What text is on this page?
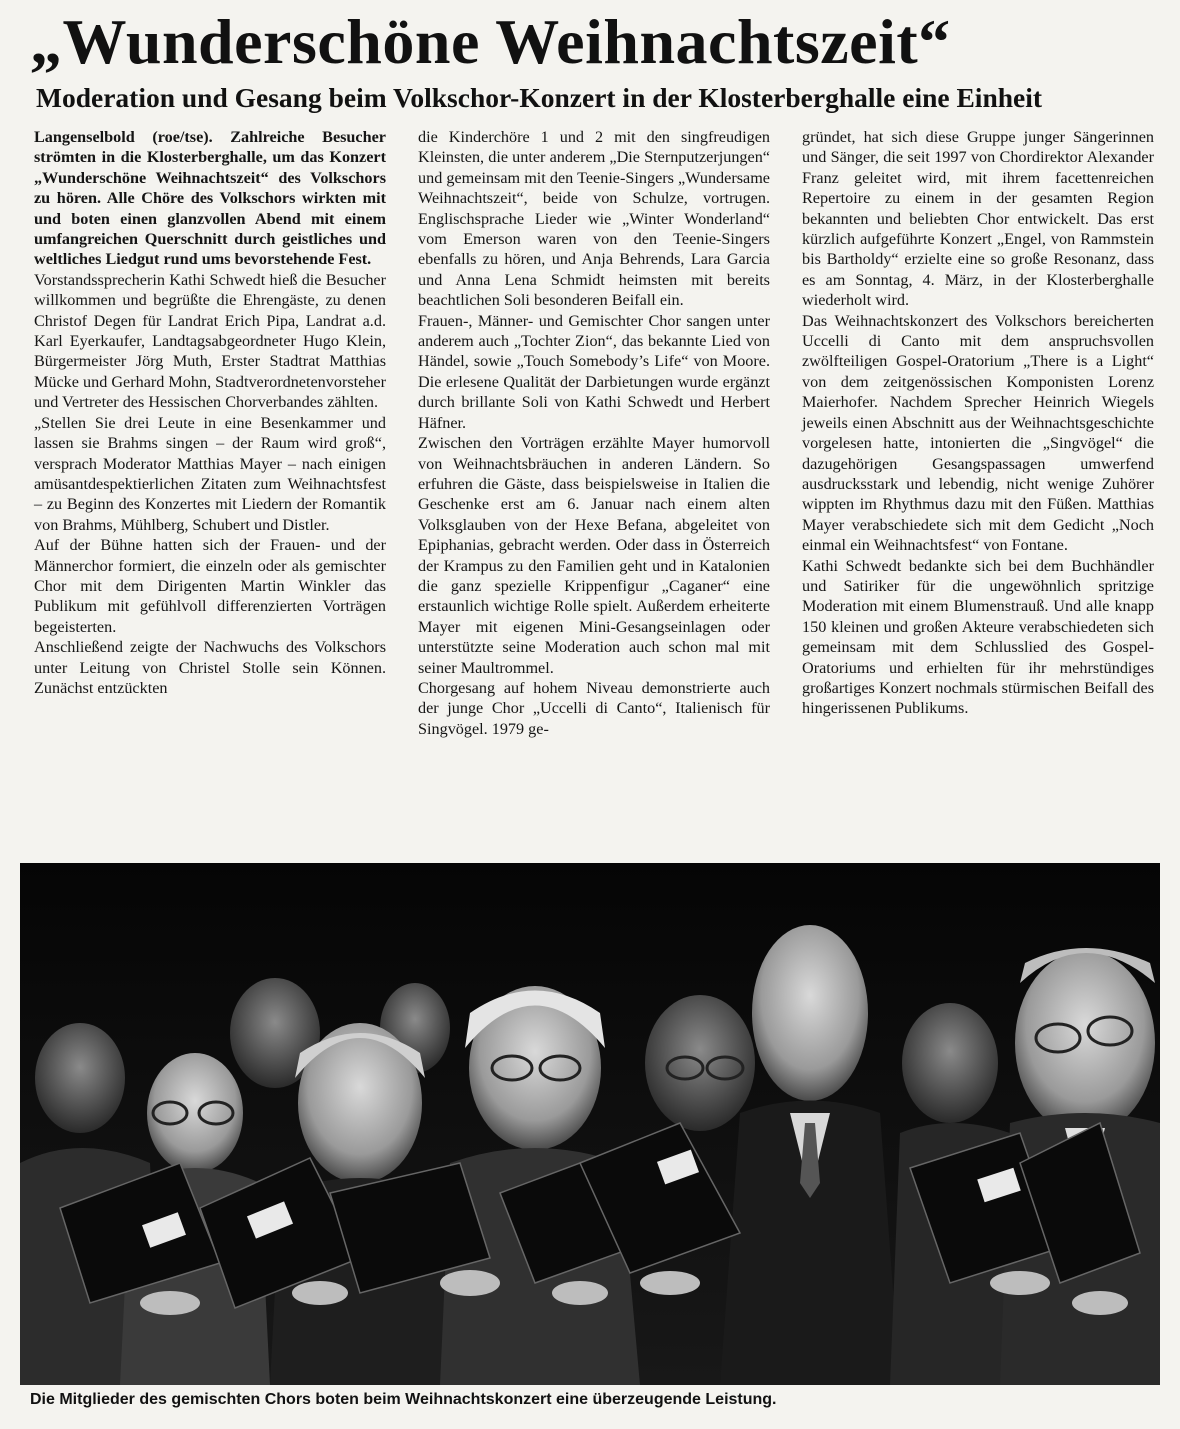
„Wunderschöne Weihnachtszeit“
Moderation und Gesang beim Volkschor-Konzert in der Klosterberghalle eine Einheit

Langenselbold (roe/tse). Zahlreiche Besucher strömten in die Klosterberghalle, um das Konzert „Wunderschöne Weihnachtszeit“ des Volkschors zu hören. Alle Chöre des Volkschors wirkten mit und boten einen glanzvollen Abend mit einem umfangreichen Querschnitt durch geistliches und weltliches Liedgut rund ums bevorstehende Fest.

Vorstandssprecherin Kathi Schwedt hieß die Besucher willkommen und begrüßte die Ehrengäste, zu denen Christof Degen für Landrat Erich Pipa, Landrat a.d. Karl Eyerkaufer, Landtagsabgeordneter Hugo Klein, Bürgermeister Jörg Muth, Erster Stadtrat Matthias Mücke und Gerhard Mohn, Stadtverordnetenvorsteher und Vertreter des Hessischen Chorverbandes zählten.

„Stellen Sie drei Leute in eine Besenkammer und lassen sie Brahms singen – der Raum wird groß“, versprach Moderator Matthias Mayer – nach einigen amüsantdespektierlichen Zitaten zum Weihnachtsfest – zu Beginn des Konzertes mit Liedern der Romantik von Brahms, Mühlberg, Schubert und Distler.

Auf der Bühne hatten sich der Frauen- und der Männerchor formiert, die einzeln oder als gemischter Chor mit dem Dirigenten Martin Winkler das Publikum mit gefühlvoll differenzierten Vorträgen begeisterten.

Anschließend zeigte der Nachwuchs des Volkschors unter Leitung von Christel Stolle sein Können. Zunächst entzückten

die Kinderchöre 1 und 2 mit den singfreudigen Kleinsten, die unter anderem „Die Sternputzerjungen“ und gemeinsam mit den Teenie-Singers „Wundersame Weihnachtszeit“, beide von Schulze, vortrugen. Englischsprache Lieder wie „Winter Wonderland“ vom Emerson waren von den Teenie-Singers ebenfalls zu hören, und Anja Behrends, Lara Garcia und Anna Lena Schmidt heimsten mit bereits beachtlichen Soli besonderen Beifall ein.

Frauen-, Männer- und Gemischter Chor sangen unter anderem auch „Tochter Zion“, das bekannte Lied von Händel, sowie „Touch Somebody’s Life“ von Moore. Die erlesene Qualität der Darbietungen wurde ergänzt durch brillante Soli von Kathi Schwedt und Herbert Häfner.

Zwischen den Vorträgen erzählte Mayer humorvoll von Weihnachtsbräuchen in anderen Ländern. So erfuhren die Gäste, dass beispielsweise in Italien die Geschenke erst am 6. Januar nach einem alten Volksglauben von der Hexe Befana, abgeleitet von Epiphanias, gebracht werden. Oder dass in Österreich der Krampus zu den Familien geht und in Katalonien die ganz spezielle Krippenfigur „Caganer“ eine erstaunlich wichtige Rolle spielt. Außerdem erheiterte Mayer mit eigenen Mini-Gesangseinlagen oder unterstützte seine Moderation auch schon mal mit seiner Maultrommel.

Chorgesang auf hohem Niveau demonstrierte auch der junge Chor „Uccelli di Canto“, Italienisch für Singvögel. 1979 ge-

gründet, hat sich diese Gruppe junger Sängerinnen und Sänger, die seit 1997 von Chordirektor Alexander Franz geleitet wird, mit ihrem facettenreichen Repertoire zu einem in der gesamten Region bekannten und beliebten Chor entwickelt. Das erst kürzlich aufgeführte Konzert „Engel, von Rammstein bis Bartholdy“ erzielte eine so große Resonanz, dass es am Sonntag, 4. März, in der Klosterberghalle wiederholt wird.

Das Weihnachtskonzert des Volkschors bereicherten Uccelli di Canto mit dem anspruchsvollen zwölfteiligen Gospel-Oratorium „There is a Light“ von dem zeitgenössischen Komponisten Lorenz Maierhofer. Nachdem Sprecher Heinrich Wiegels jeweils einen Abschnitt aus der Weihnachtsgeschichte vorgelesen hatte, intonierten die „Singvögel“ die dazugehörigen Gesangspassagen umwerfend ausdrucksstark und lebendig, nicht wenige Zuhörer wippten im Rhythmus dazu mit den Füßen. Matthias Mayer verabschiedete sich mit dem Gedicht „Noch einmal ein Weihnachtsfest“ von Fontane.

Kathi Schwedt bedankte sich bei dem Buchhändler und Satiriker für die ungewöhnlich spritzige Moderation mit einem Blumenstrauß. Und alle knapp 150 kleinen und großen Akteure verabschiedeten sich gemeinsam mit dem Schlusslied des Gospel-Oratoriums und erhielten für ihr mehrstündiges großartiges Konzert nochmals stürmischen Beifall des hingerissenen Publikums.

Die Mitglieder des gemischten Chors boten beim Weihnachtskonzert eine überzeugende Leistung.
